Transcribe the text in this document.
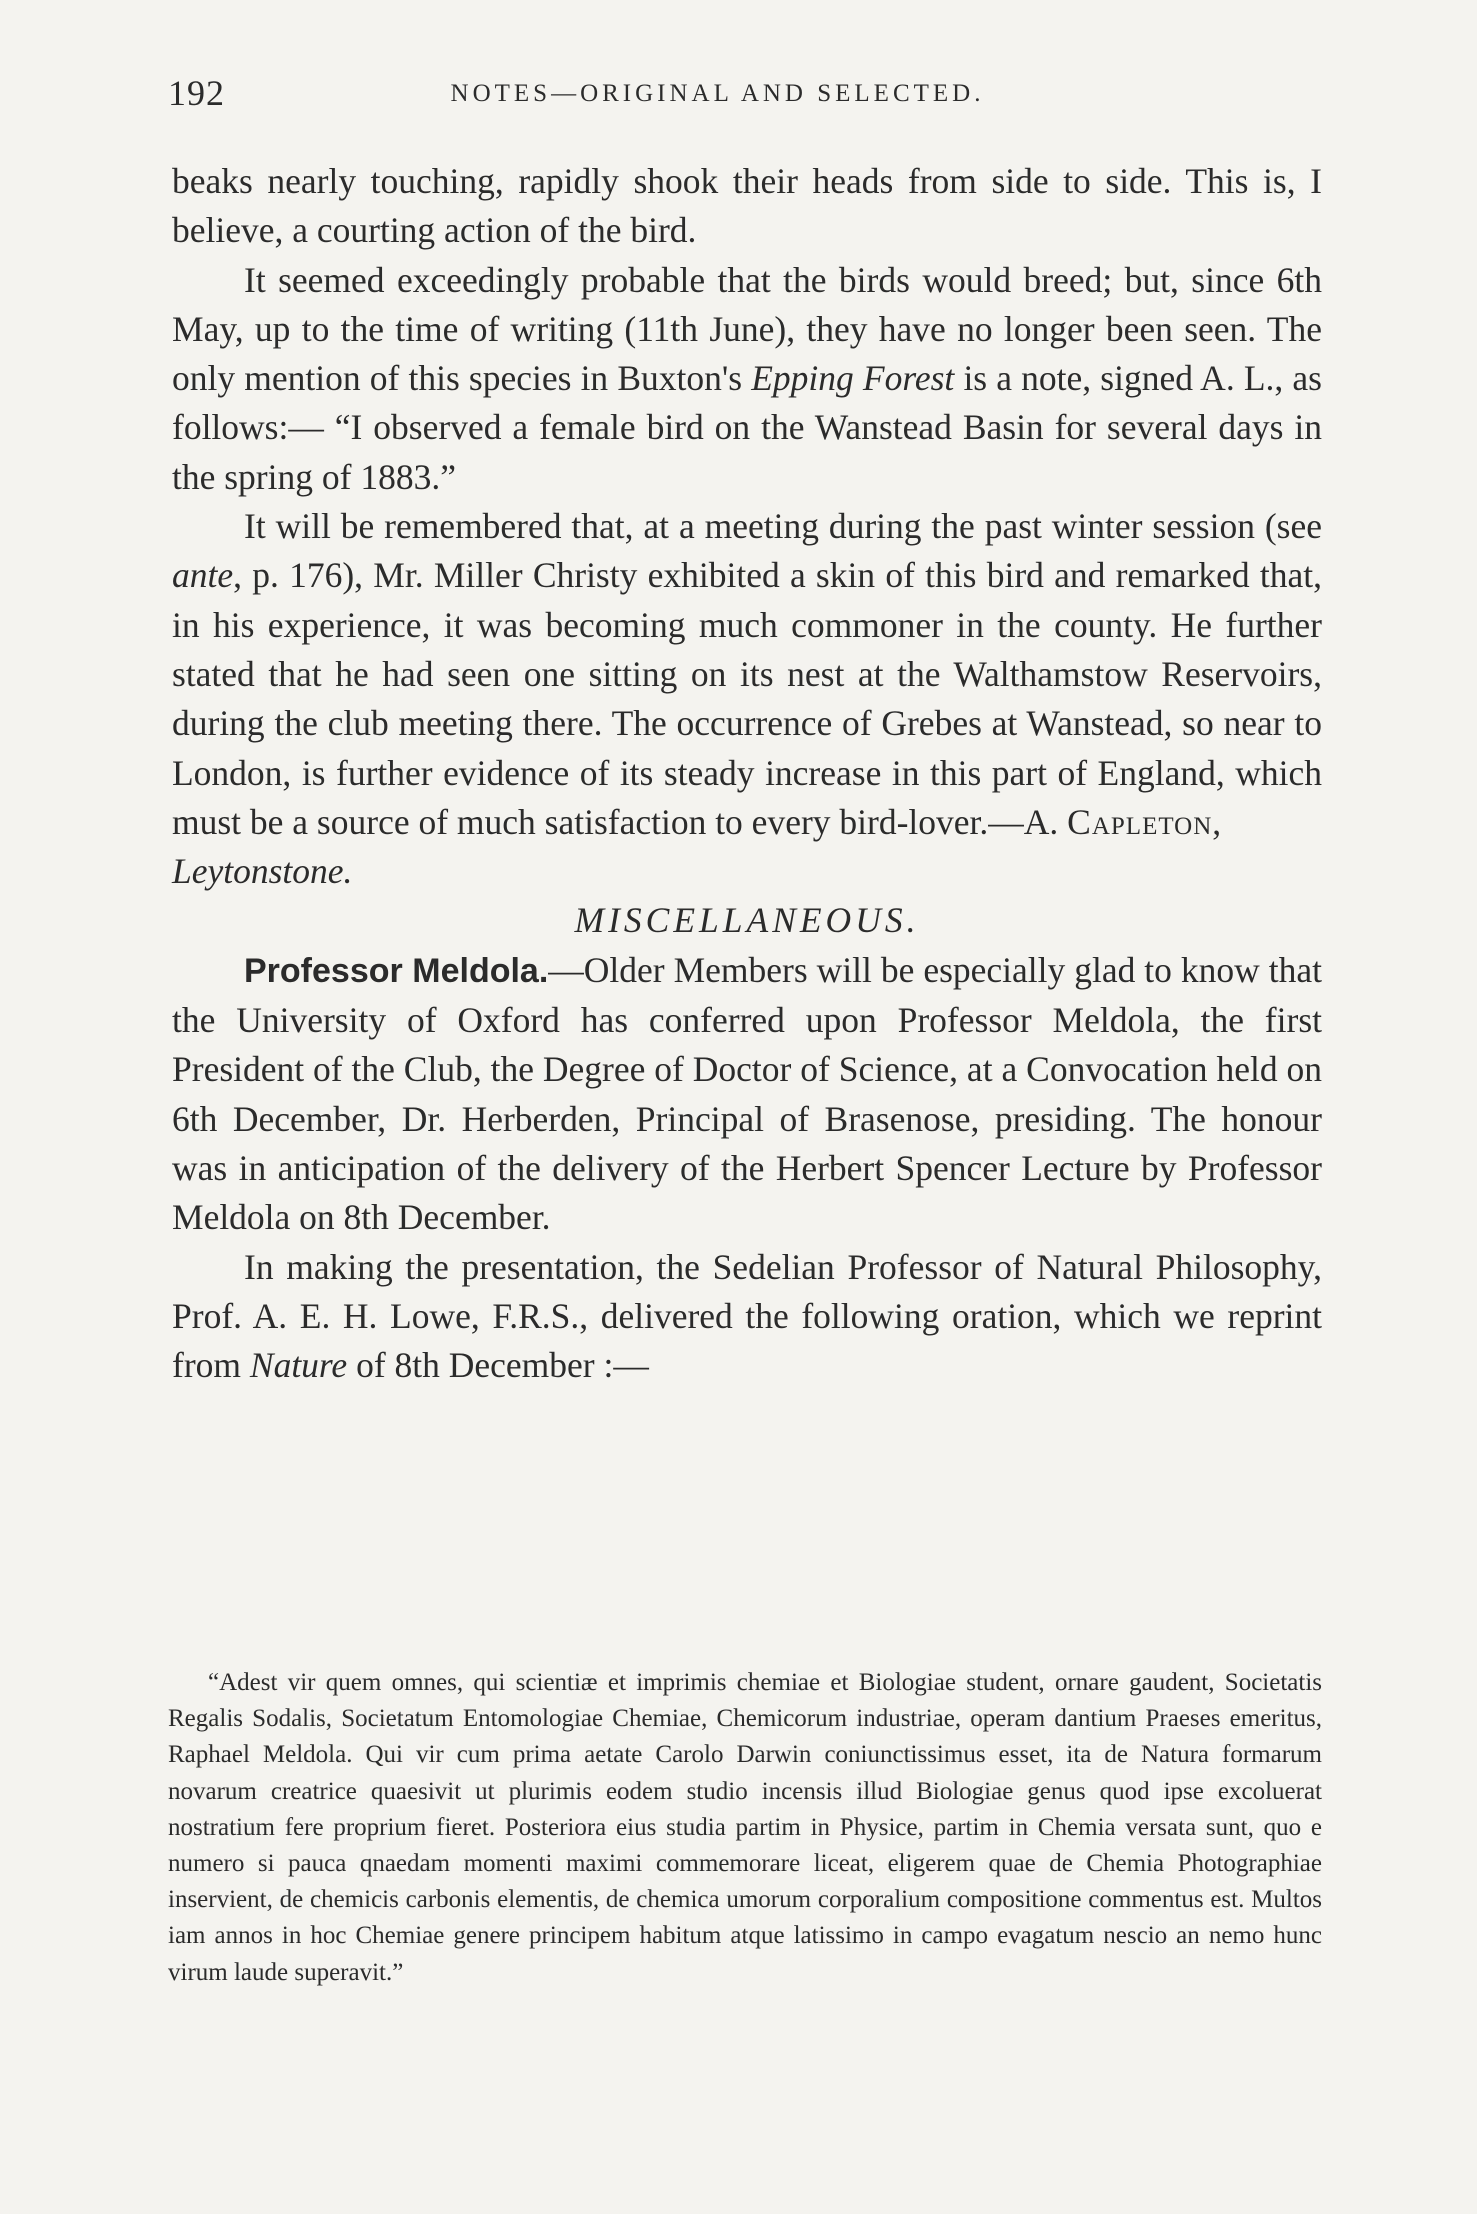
192	NOTES—ORIGINAL AND SELECTED.

beaks nearly touching, rapidly shook their heads from side to side. This is, I believe, a courting action of the bird.

It seemed exceedingly probable that the birds would breed; but, since 6th May, up to the time of writing (11th June), they have no longer been seen. The only mention of this species in Buxton's Epping Forest is a note, signed A. L., as follows:— “I observed a female bird on the Wanstead Basin for several days in the spring of 1883.”

It will be remembered that, at a meeting during the past winter session (see ante, p. 176), Mr. Miller Christy exhibited a skin of this bird and remarked that, in his experience, it was becoming much commoner in the county. He further stated that he had seen one sitting on its nest at the Walthamstow Reservoirs, during the club meeting there. The occurrence of Grebes at Wanstead, so near to London, is further evidence of its steady increase in this part of England, which must be a source of much satisfaction to every bird-lover.—A. Capleton,
Leytonstone.

MISCELLANEOUS.

Professor Meldola.—Older Members will be especially glad to know that the University of Oxford has conferred upon Professor Meldola, the first President of the Club, the Degree of Doctor of Science, at a Convocation held on 6th December, Dr. Herberden, Principal of Brasenose, presiding. The honour was in anticipation of the delivery of the Herbert Spencer Lecture by Professor Meldola on 8th December.

In making the presentation, the Sedelian Professor of Natural Philosophy, Prof. A. E. H. Lowe, F.R.S., delivered the following oration, which we reprint from Nature of 8th December :—

“Adest vir quem omnes, qui scientiæ et imprimis chemiae et Biologiae student, ornare gaudent, Societatis Regalis Sodalis, Societatum Entomologiae Chemiae, Chemicorum industriae, operam dantium Praeses emeritus, Raphael Meldola. Qui vir cum prima aetate Carolo Darwin coniunctissimus esset, ita de Natura formarum novarum creatrice quaesivit ut plurimis eodem studio incensis illud Biologiae genus quod ipse excoluerat nostratium fere proprium fieret. Posteriora eius studia partim in Physice, partim in Chemia versata sunt, quo e numero si pauca qnaedam momenti maximi commemorare liceat, eligerem quae de Chemia Photographiae inservient, de chemicis carbonis elementis, de chemica umorum corporalium compositione commentus est. Multos iam annos in hoc Chemiae genere principem habitum atque latissimo in campo evagatum nescio an nemo hunc virum laude superavit.”
